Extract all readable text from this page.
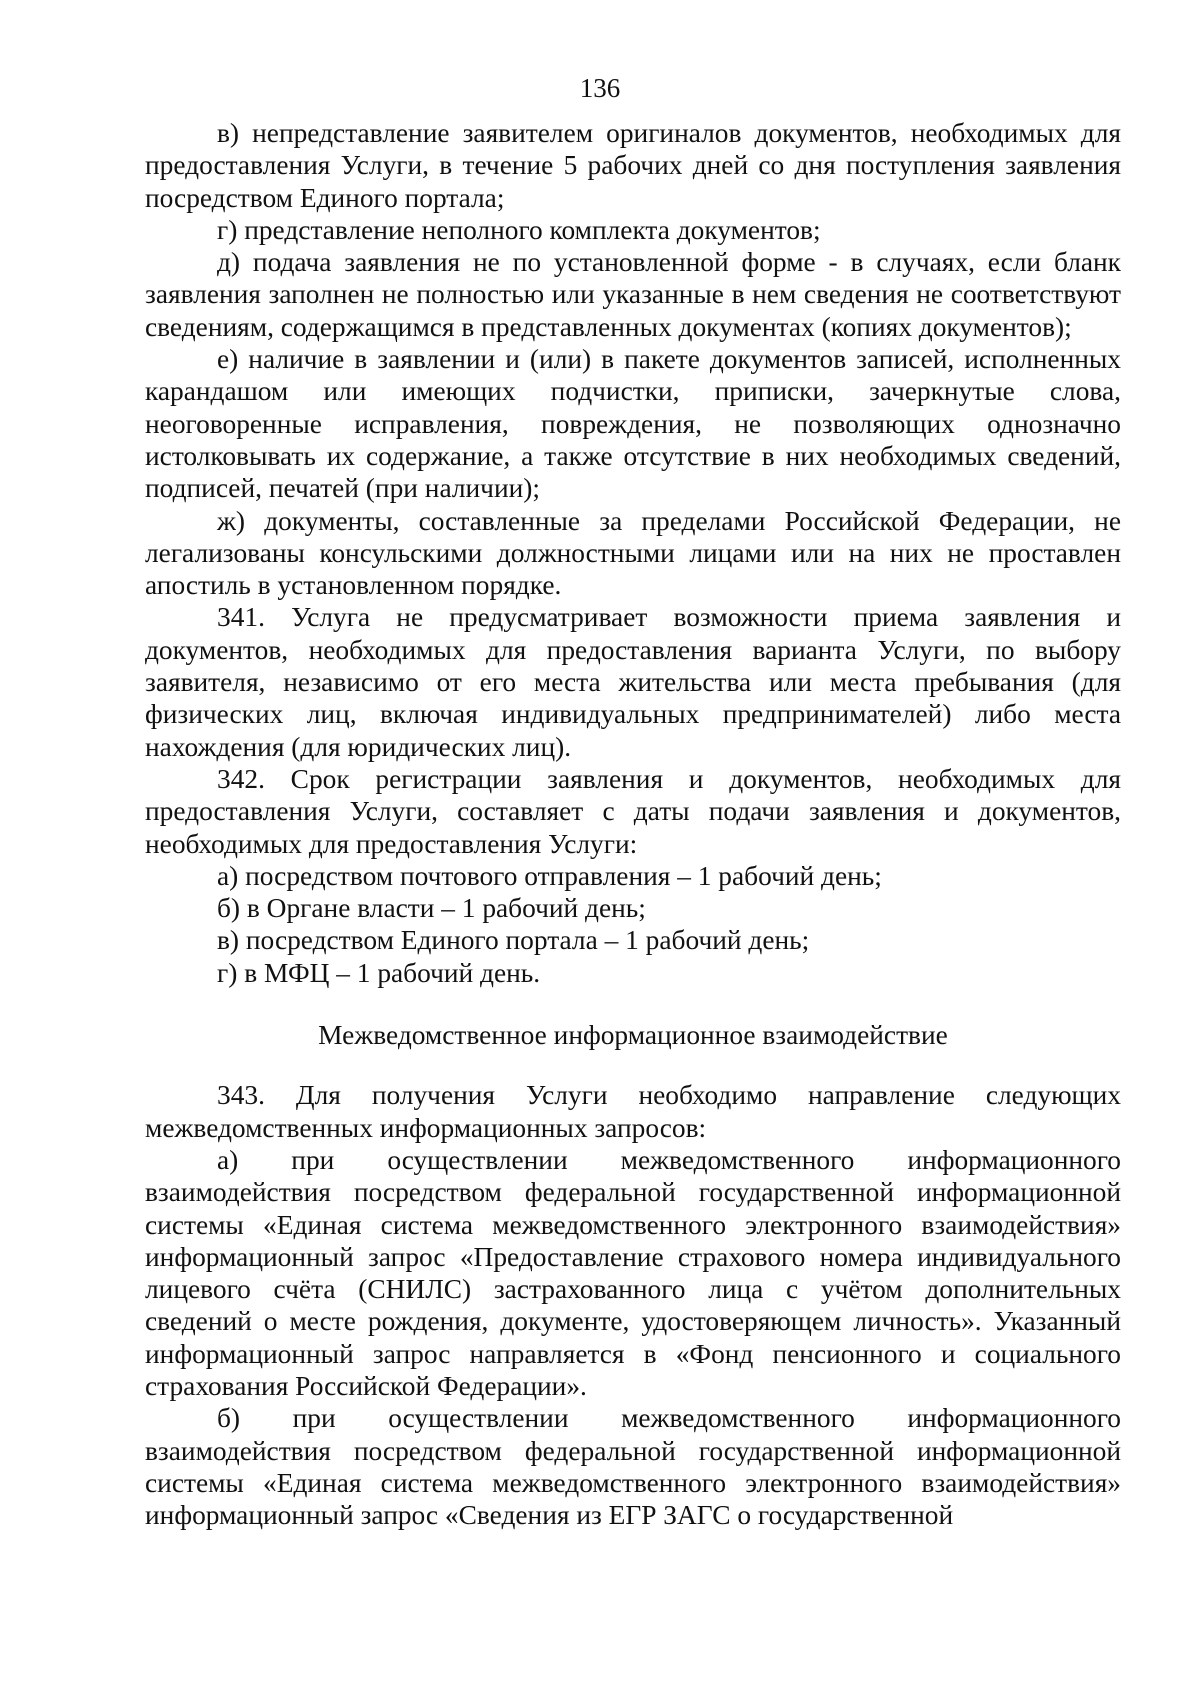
136

в) непредставление заявителем оригиналов документов, необходимых для предоставления Услуги, в течение 5 рабочих дней со дня поступления заявления посредством Единого портала;

г) представление неполного комплекта документов;

д) подача заявления не по установленной форме - в случаях, если бланк заявления заполнен не полностью или указанные в нем сведения не соответствуют сведениям, содержащимся в представленных документах (копиях документов);

е) наличие в заявлении и (или) в пакете документов записей, исполненных карандашом или имеющих подчистки, приписки, зачеркнутые слова, неоговоренные исправления, повреждения, не позволяющих однозначно истолковывать их содержание, а также отсутствие в них необходимых сведений, подписей, печатей (при наличии);

ж) документы, составленные за пределами Российской Федерации, не легализованы консульскими должностными лицами или на них не проставлен апостиль в установленном порядке.

341. Услуга не предусматривает возможности приема заявления и документов, необходимых для предоставления варианта Услуги, по выбору заявителя, независимо от его места жительства или места пребывания (для физических лиц, включая индивидуальных предпринимателей) либо места нахождения (для юридических лиц).

342. Срок регистрации заявления и документов, необходимых для предоставления Услуги, составляет с даты подачи заявления и документов, необходимых для предоставления Услуги:

а) посредством почтового отправления – 1 рабочий день;

б) в Органе власти – 1 рабочий день;

в) посредством Единого портала – 1 рабочий день;

г) в МФЦ – 1 рабочий день.

Межведомственное информационное взаимодействие

343. Для получения Услуги необходимо направление следующих межведомственных информационных запросов:

а) при осуществлении межведомственного информационного взаимодействия посредством федеральной государственной информационной системы «Единая система межведомственного электронного взаимодействия» информационный запрос «Предоставление страхового номера индивидуального лицевого счёта (СНИЛС) застрахованного лица с учётом дополнительных сведений о месте рождения, документе, удостоверяющем личность». Указанный информационный запрос направляется в «Фонд пенсионного и социального страхования Российской Федерации».

б) при осуществлении межведомственного информационного взаимодействия посредством федеральной государственной информационной системы «Единая система межведомственного электронного взаимодействия» информационный запрос «Сведения из ЕГР ЗАГС о государственной
